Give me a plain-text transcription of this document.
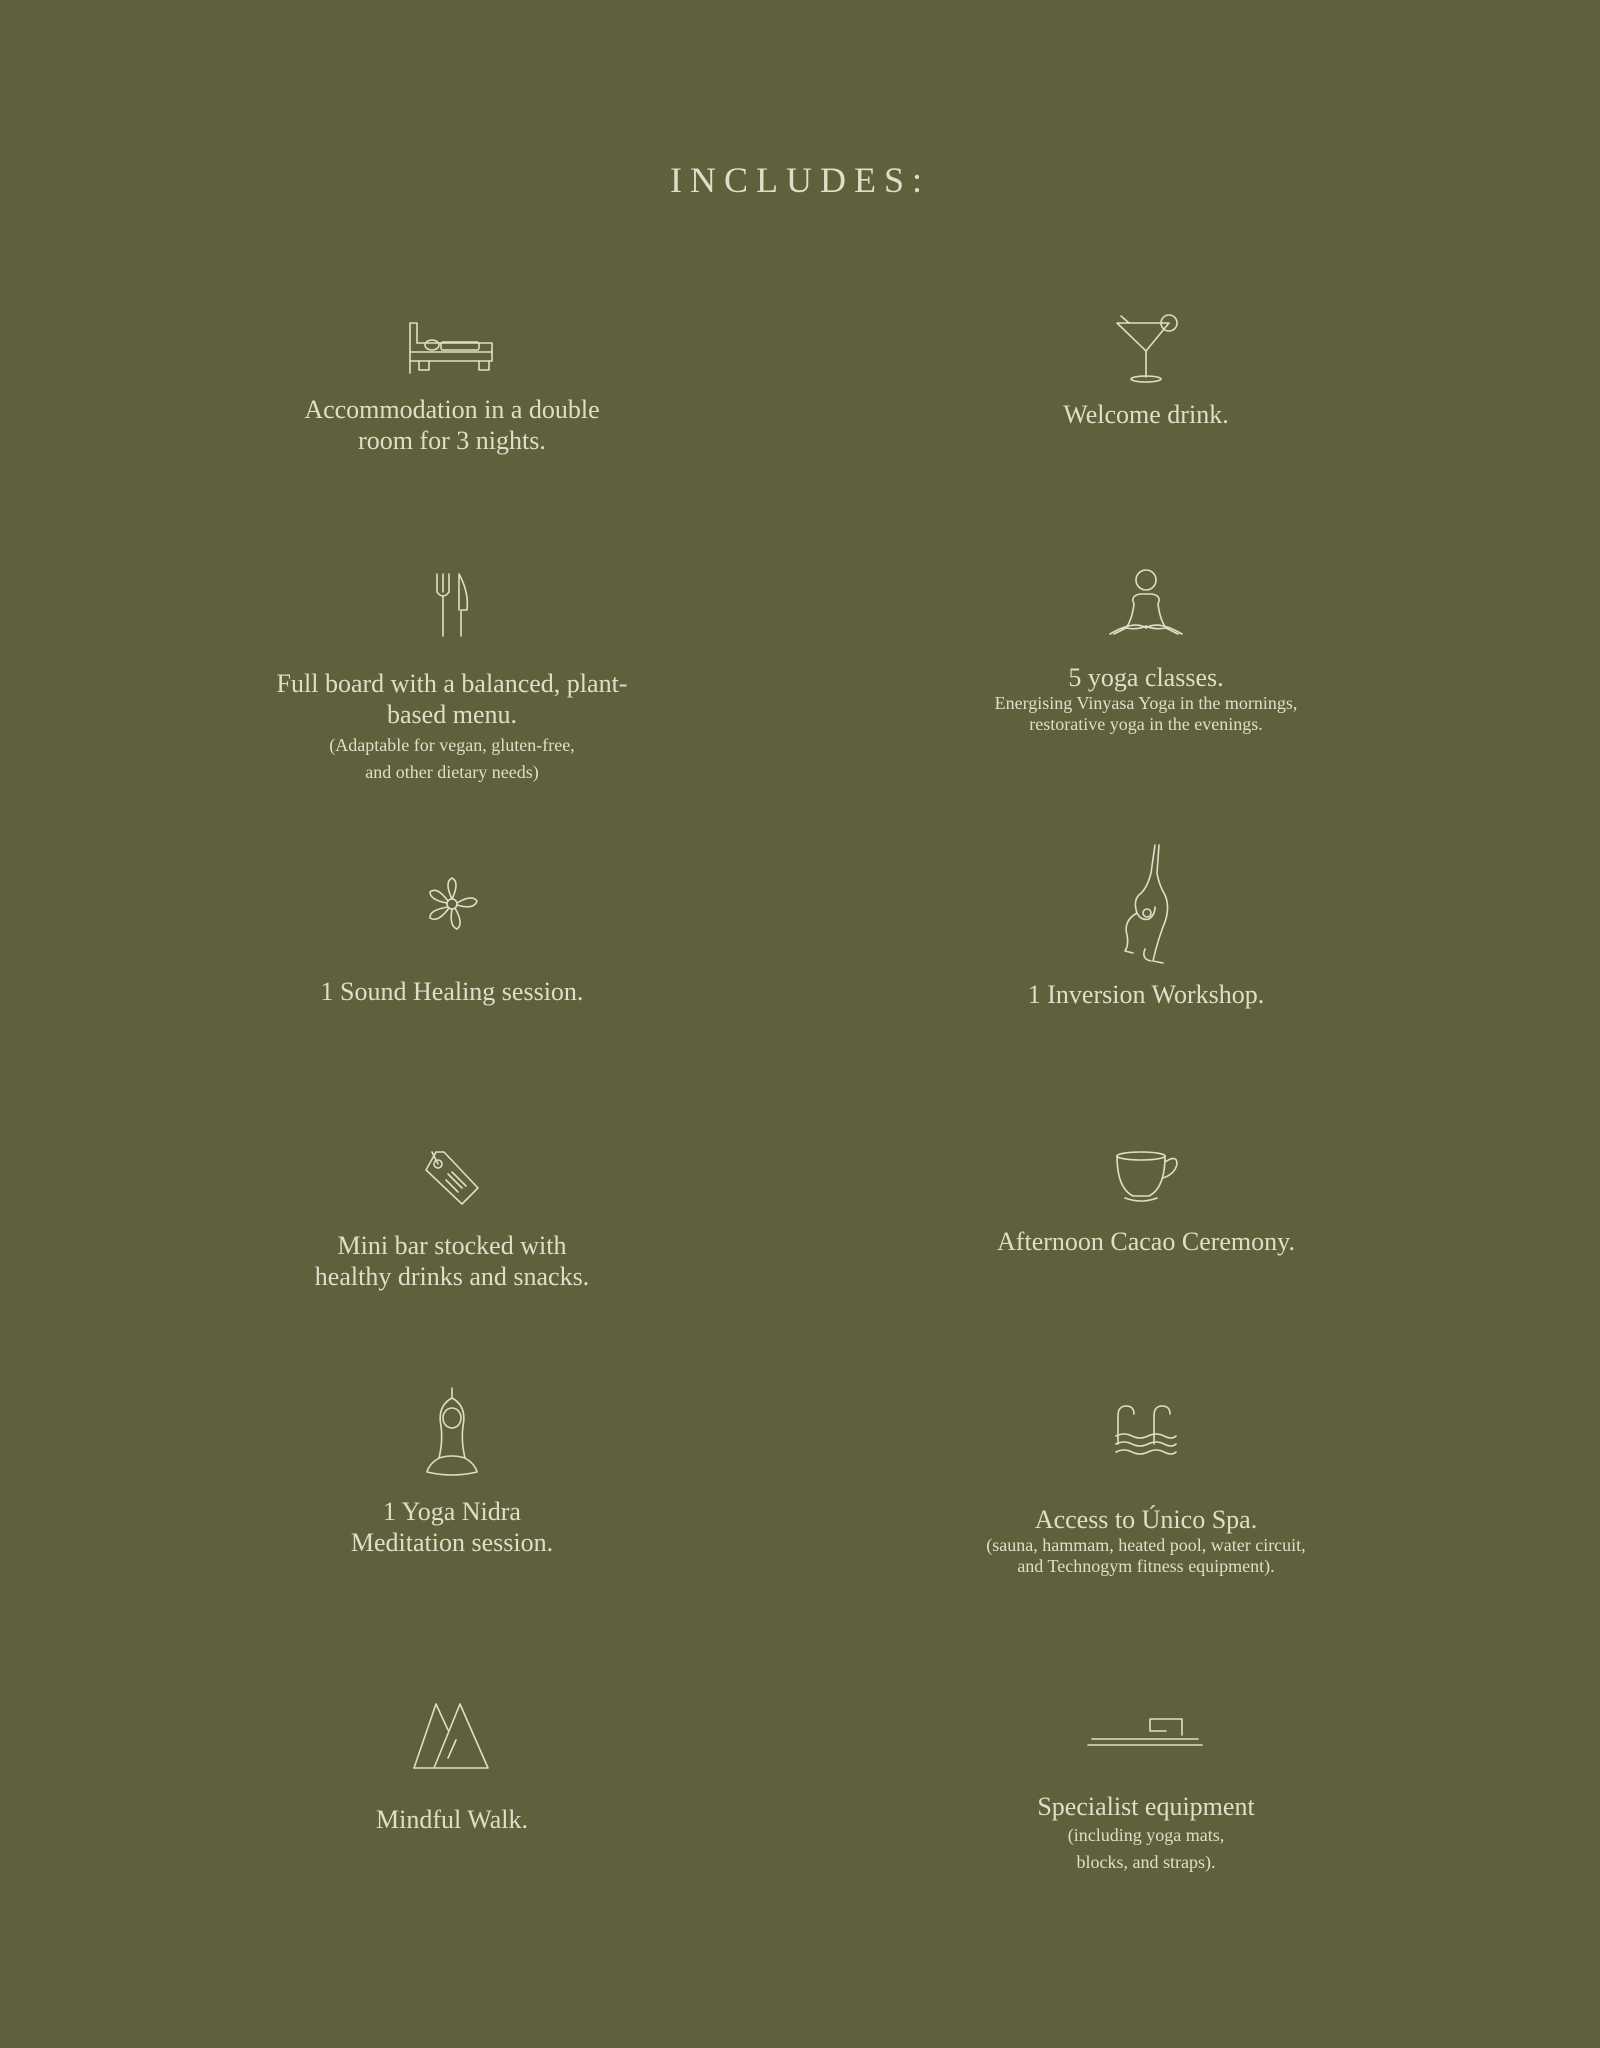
INCLUDES:
Accommodation in a double
room for 3 nights.
Welcome drink.
Full board with a balanced, plant-
based menu.
(Adaptable for vegan, gluten-free,
and other dietary needs)
5 yoga classes.
Energising Vinyasa Yoga in the mornings,
restorative yoga in the evenings.
1 Sound Healing session.	1 Inversion Workshop.
Mini bar stocked with
healthy drinks and snacks.
Afternoon Cacao Ceremony.
1 Yoga Nidra
Meditation session.
Access to Único Spa.
(sauna, hammam, heated pool, water circuit,
and Technogym fitness equipment).
Mindful Walk.	Specialist equipment
(including yoga mats,
blocks, and straps).
